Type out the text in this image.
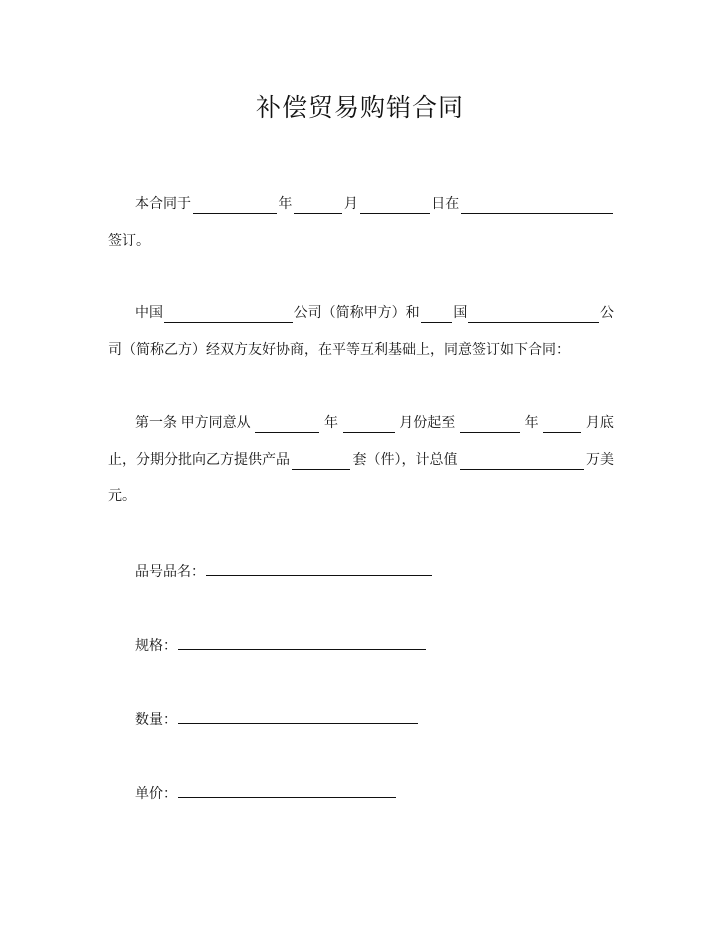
补偿贸易购销合同
本合同于	年	月	日在
签订。
中国	公司（简称甲方）和 国	公
司（简称乙方）经双方友好协商，在平等互利基础上，同意签订如下合同：
第一条 甲方同意从	年	月份起至	年	月底
止，分期分批向乙方提供产品	套（件），计总值	万美
元。
品号品名：
规格：
数量：
单价：
